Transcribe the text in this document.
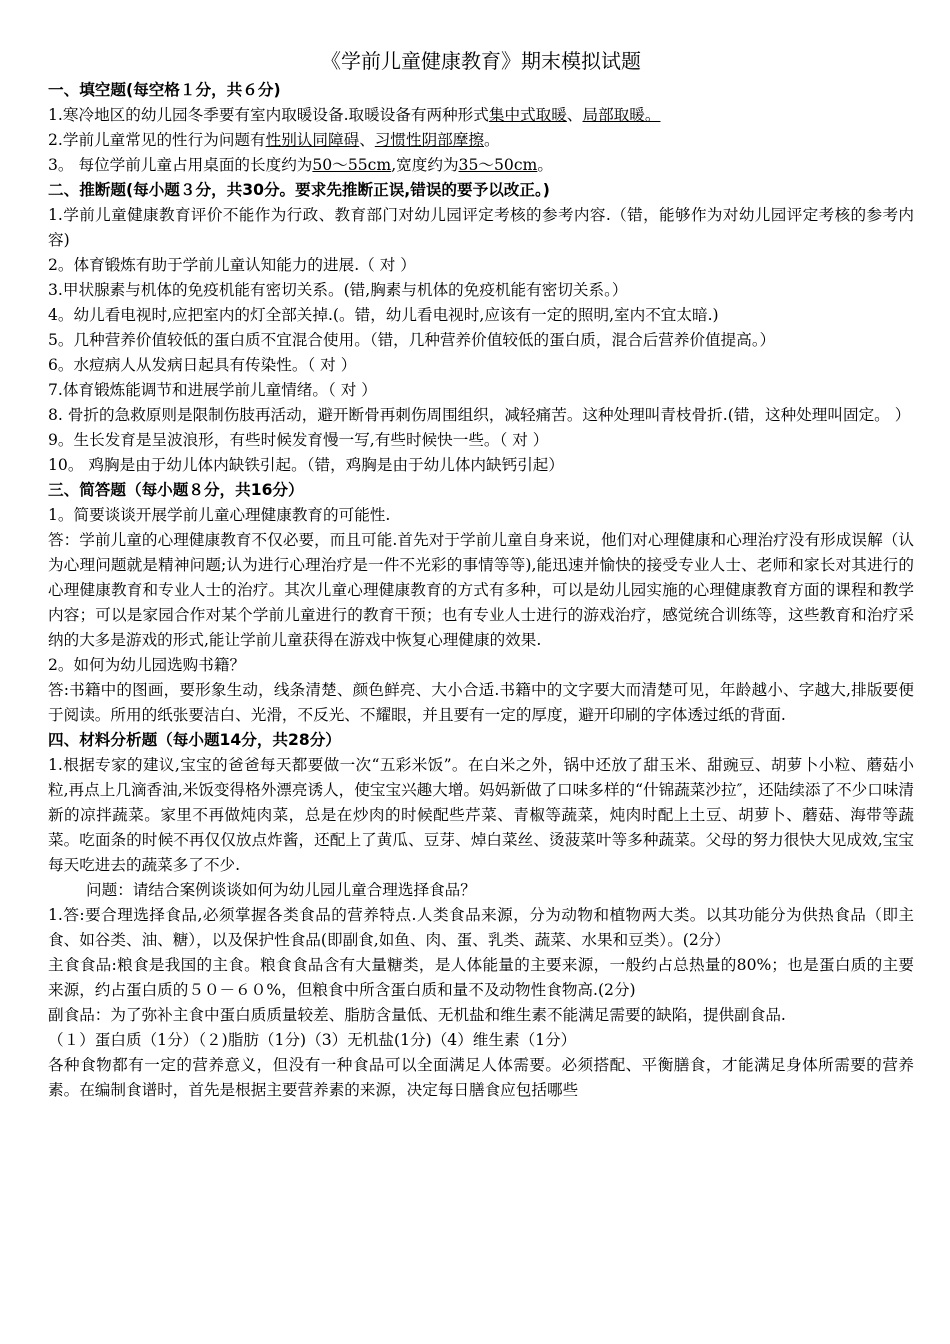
《学前儿童健康教育》期末模拟试题
一、填空题(每空格１分，共６分)

1.寒冷地区的幼儿园冬季要有室内取暖设备.取暖设备有两种形式集中式取暖、局部取暖。

2.学前儿童常见的性行为问题有性别认同障碍、习惯性阴部摩擦。

3。 每位学前儿童占用桌面的长度约为50～55cm,宽度约为35～50cm。

二、推断题(每小题３分，共30分。要求先推断正误,错误的要予以改正。)

1.学前儿童健康教育评价不能作为行政、教育部门对幼儿园评定考核的参考内容.（错，能够作为对幼儿园评定考核的参考内容)

2。体育锻炼有助于学前儿童认知能力的进展.（ 对 ）

3.甲状腺素与机体的免疫机能有密切关系。(错,胸素与机体的免疫机能有密切关系。）

4。幼儿看电视时,应把室内的灯全部关掉.(。错，幼儿看电视时,应该有一定的照明,室内不宜太暗.)

5。几种营养价值较低的蛋白质不宜混合使用。（错，几种营养价值较低的蛋白质，混合后营养价值提高。）

6。水痘病人从发病日起具有传染性。（ 对 ）

7.体育锻炼能调节和进展学前儿童情绪。（ 对 ）

8. 骨折的急救原则是限制伤肢再活动，避开断骨再刺伤周围组织，减轻痛苦。这种处理叫青枝骨折.(错，这种处理叫固定。 ）

9。生长发育是呈波浪形，有些时候发育慢一写,有些时候快一些。（ 对 ）

10。 鸡胸是由于幼儿体内缺铁引起。（错，鸡胸是由于幼儿体内缺钙引起）

三、简答题（每小题８分，共16分）

1。简要谈谈开展学前儿童心理健康教育的可能性.

答：学前儿童的心理健康教育不仅必要，而且可能.首先对于学前儿童自身来说，他们对心理健康和心理治疗没有形成误解（认为心理问题就是精神问题;认为进行心理治疗是一件不光彩的事情等等),能迅速并愉快的接受专业人士、老师和家长对其进行的心理健康教育和专业人士的治疗。其次儿童心理健康教育的方式有多种，可以是幼儿园实施的心理健康教育方面的课程和教学内容；可以是家园合作对某个学前儿童进行的教育干预；也有专业人士进行的游戏治疗，感觉统合训练等，这些教育和治疗采纳的大多是游戏的形式,能让学前儿童获得在游戏中恢复心理健康的效果.

2。如何为幼儿园选购书籍？

答:书籍中的图画，要形象生动，线条清楚、颜色鲜亮、大小合适.书籍中的文字要大而清楚可见，年龄越小、字越大,排版要便于阅读。所用的纸张要洁白、光滑，不反光、不耀眼，并且要有一定的厚度，避开印刷的字体透过纸的背面.

四、材料分析题（每小题14分，共28分）

1.根据专家的建议,宝宝的爸爸每天都要做一次“五彩米饭”。在白米之外，锅中还放了甜玉米、甜豌豆、胡萝卜小粒、蘑菇小粒,再点上几滴香油,米饭变得格外漂亮诱人，使宝宝兴趣大增。妈妈新做了口味多样的“什锦蔬菜沙拉″，还陆续添了不少口味清新的凉拌蔬菜。家里不再做炖肉菜，总是在炒肉的时候配些芹菜、青椒等蔬菜，炖肉时配上土豆、胡萝卜、蘑菇、海带等蔬菜。吃面条的时候不再仅仅放点炸酱，还配上了黄瓜、豆芽、焯白菜丝、烫菠菜叶等多种蔬菜。父母的努力很快大见成效,宝宝每天吃进去的蔬菜多了不少.

问题：请结合案例谈谈如何为幼儿园儿童合理选择食品？

1.答:要合理选择食品,必须掌握各类食品的营养特点.人类食品来源，分为动物和植物两大类。以其功能分为供热食品（即主食、如谷类、油、糖），以及保护性食品(即副食,如鱼、肉、蛋、乳类、蔬菜、水果和豆类）。(2分）

主食食品:粮食是我国的主食。粮食食品含有大量糖类，是人体能量的主要来源，一般约占总热量的80%；也是蛋白质的主要来源，约占蛋白质的５０－６０%，但粮食中所含蛋白质和量不及动物性食物高.(2分)

副食品：为了弥补主食中蛋白质质量较差、脂肪含量低、无机盐和维生素不能满足需要的缺陷，提供副食品.

（１）蛋白质（1分）（２)脂肪（1分)（3）无机盐(1分)（4）维生素（1分）

各种食物都有一定的营养意义，但没有一种食品可以全面满足人体需要。必须搭配、平衡膳食，才能满足身体所需要的营养素。在编制食谱时，首先是根据主要营养素的来源，决定每日膳食应包括哪些
